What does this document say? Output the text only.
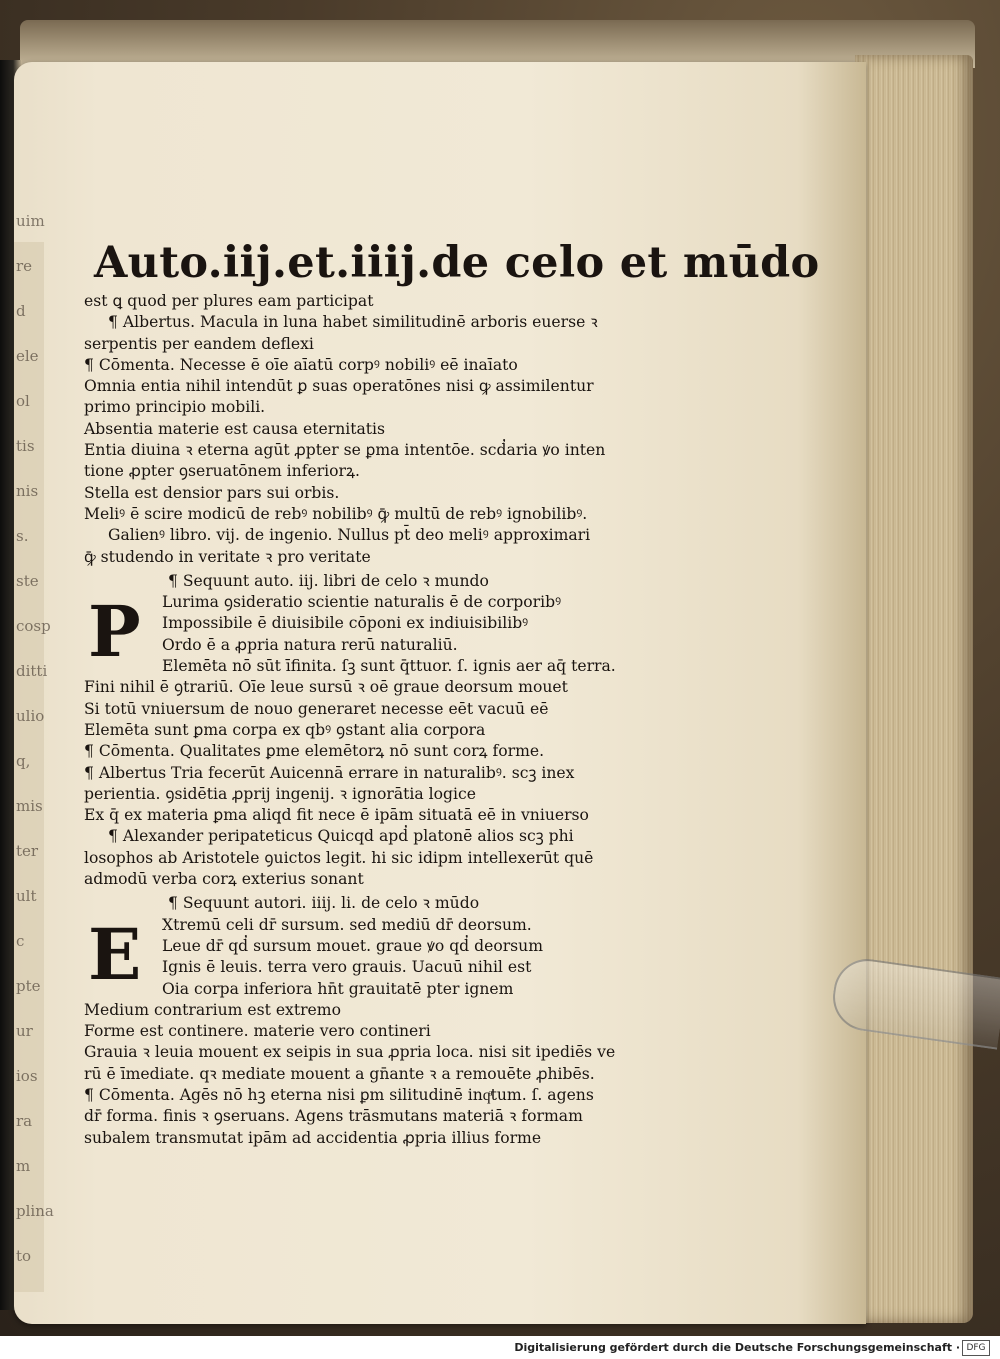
uim
re
d
ele
ol
tis
nis
s.
ste
cosp
ditti
ulio
q,
mis
ter
ult
c
pte
ur
ios
ra
m
plina
to
Auto.iij.et.iiij.de celo et mūdo
est ꝗ quod per plures eam participat
¶ Albertus. Macula in luna habet similitudinē arboris euerse ꝛ
serpentis per eandem deflexi
¶ Cōmenta. Necesse ē oīe aīatū corpꝰ nobiliꝰ eē inaīato
Omnia entia nihil intendūt ꝑ suas operatōnes nisi ꝙ assimilentur
primo principio mobili.
Absentia materie est causa eternitatis
Entia diuina ꝛ eterna agūt ꝓpter se ꝑma intentōe. scd̓aria ꝟo inten
tione ꝓpter ꝯseruatōnem inferiorꝝ.
Stella est densior pars sui orbis.
Meliꝰ ē scire modicū de rebꝰ nobilibꝰ ꝙ̄ multū de rebꝰ ignobilibꝰ.
Galienꝰ libro. vij. de ingenio. Nullus pt̄ deo meliꝰ approximari
ꝙ̄ studendo in veritate ꝛ pro veritate
¶ Sequunt auto. iij. libri de celo ꝛ mundo
P	Lurima ꝯsideratio scientie naturalis ē de corporibꝰ
Impossibile ē diuisibile cōponi ex indiuisibilibꝰ
Ordo ē a ꝓpria natura rerū naturaliū.
Elemēta nō sūt īfinita. ſꝫ sunt q̄ttuor. ſ. ignis aer aq̄ terra.
Fini nihil ē ꝯtrariū. Oīe leue sursū ꝛ oē graue deorsum mouet
Si totū vniuersum de nouo generaret necesse eēt vacuū eē
Elemēta sunt ꝑma corpa ex qbꝰ ꝯstant alia corpora
¶ Cōmenta. Qualitates ꝑme elemētorꝝ nō sunt corꝝ forme.
¶ Albertus Tria fecerūt Auicennā errare in naturalibꝰ. scꝫ inex
perientia. ꝯsidētia ꝓprij ingenij. ꝛ ignorātia logice
Ex q̄ ex materia ꝑma aliqd fit nece ē ipām situatā eē in vniuerso
¶ Alexander peripateticus Quicqd apd̓ platonē alios scꝫ phi
losophos ab Aristotele ꝯuictos legit. hi sic idipm intellexerūt quē
admodū verba corꝝ exterius sonant
¶ Sequunt autori. iiij. li. de celo ꝛ mūdo
E	Xtremū celi dr̄ sursum. sed mediū dr̄ deorsum.
Leue dr̄ qd̓ sursum mouet. graue ꝟo qd̓ deorsum
Ignis ē leuis. terra vero grauis. Uacuū nihil est
Oia corpa inferiora hn̄t grauitatē pter ignem
Medium contrarium est extremo
Forme est continere. materie vero contineri
Grauia ꝛ leuia mouent ex seipis in sua ꝓpria loca. nisi sit ipediēs ve
rū ē īmediate. qꝛ mediate mouent a gn̄ante ꝛ a remouēte ꝓhibēs.
¶ Cōmenta. Agēs nō hꝫ eterna nisi ꝑm silitudinē inqͣtum. ſ. agens
dr̄ forma. finis ꝛ ꝯseruans. Agens trāsmutans materiā ꝛ formam
subalem transmutat ipām ad accidentia ꝓpria illius forme
Digitalisierung gefördert durch die Deutsche Forschungsgemeinschaft · DFG
